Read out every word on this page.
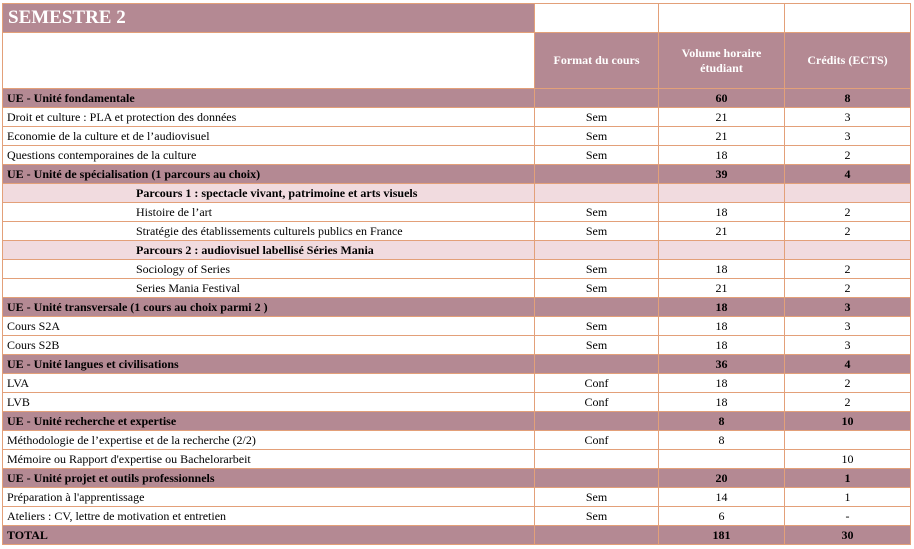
SEMESTRE 2			
	Format du cours	Volume horaire étudiant	Crédits (ECTS)
UE - Unité fondamentale		60	8
Droit et culture : PLA et protection des données	Sem	21	3
Economie de la culture et de l’audiovisuel	Sem	21	3
Questions contemporaines de la culture	Sem	18	2
UE - Unité de spécialisation (1 parcours au choix)		39	4
Parcours 1 : spectacle vivant, patrimoine et arts visuels			
Histoire de l’art	Sem	18	2
Stratégie des établissements culturels publics en France	Sem	21	2
Parcours 2 : audiovisuel labellisé Séries Mania			
Sociology of Series	Sem	18	2
Series Mania Festival	Sem	21	2
UE - Unité transversale (1 cours au choix parmi 2 )		18	3
Cours S2A	Sem	18	3
Cours S2B	Sem	18	3
UE - Unité langues et civilisations		36	4
LVA	Conf	18	2
LVB	Conf	18	2
UE - Unité recherche et expertise		8	10
Méthodologie de l’expertise et de la recherche (2/2)	Conf	8	
Mémoire ou Rapport d'expertise ou Bachelorarbeit			10
UE - Unité projet et outils professionnels		20	1
Préparation à l'apprentissage	Sem	14	1
Ateliers : CV, lettre de motivation et entretien	Sem	6	-
TOTAL		181	30
